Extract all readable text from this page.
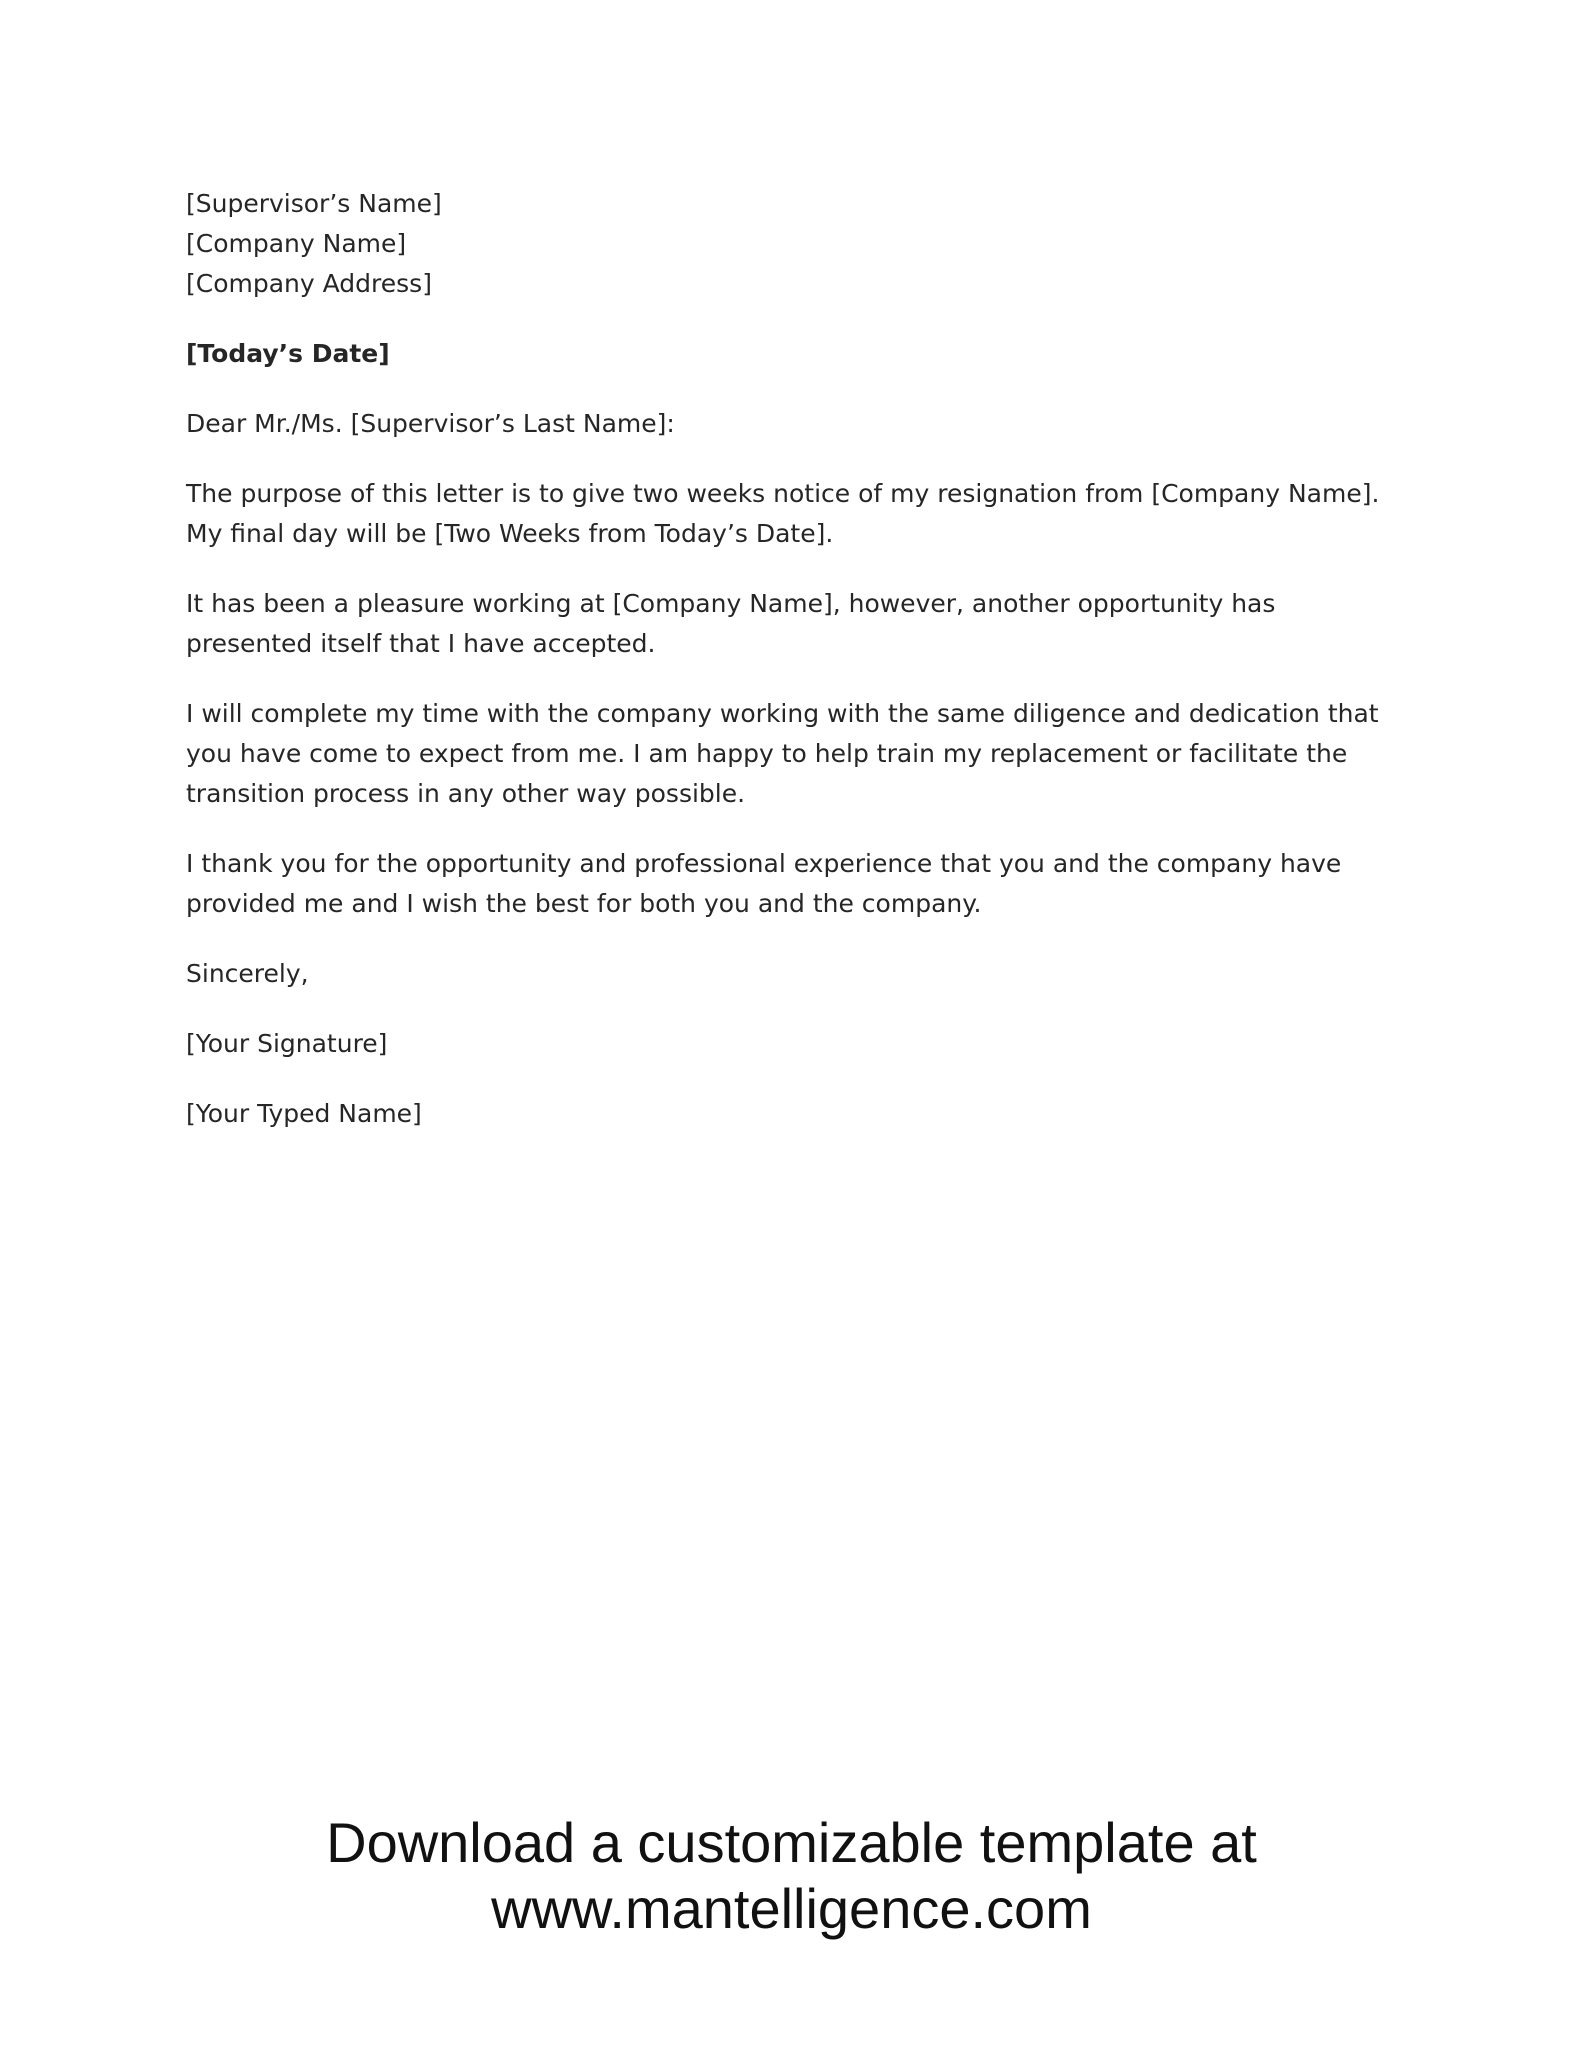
[Supervisor’s Name]
[Company Name]
[Company Address]
[Today’s Date]

Dear Mr./Ms. [Supervisor’s Last Name]:

The purpose of this letter is to give two weeks notice of my resignation from [Company Name]. My final day will be [Two Weeks from Today’s Date].

It has been a pleasure working at [Company Name], however, another opportunity has presented itself that I have accepted.

I will complete my time with the company working with the same diligence and dedication that you have come to expect from me. I am happy to help train my replacement or facilitate the transition process in any other way possible.

I thank you for the opportunity and professional experience that you and the company have provided me and I wish the best for both you and the company.

Sincerely,

[Your Signature]

[Your Typed Name]

Download a customizable template at
www.mantelligence.com
